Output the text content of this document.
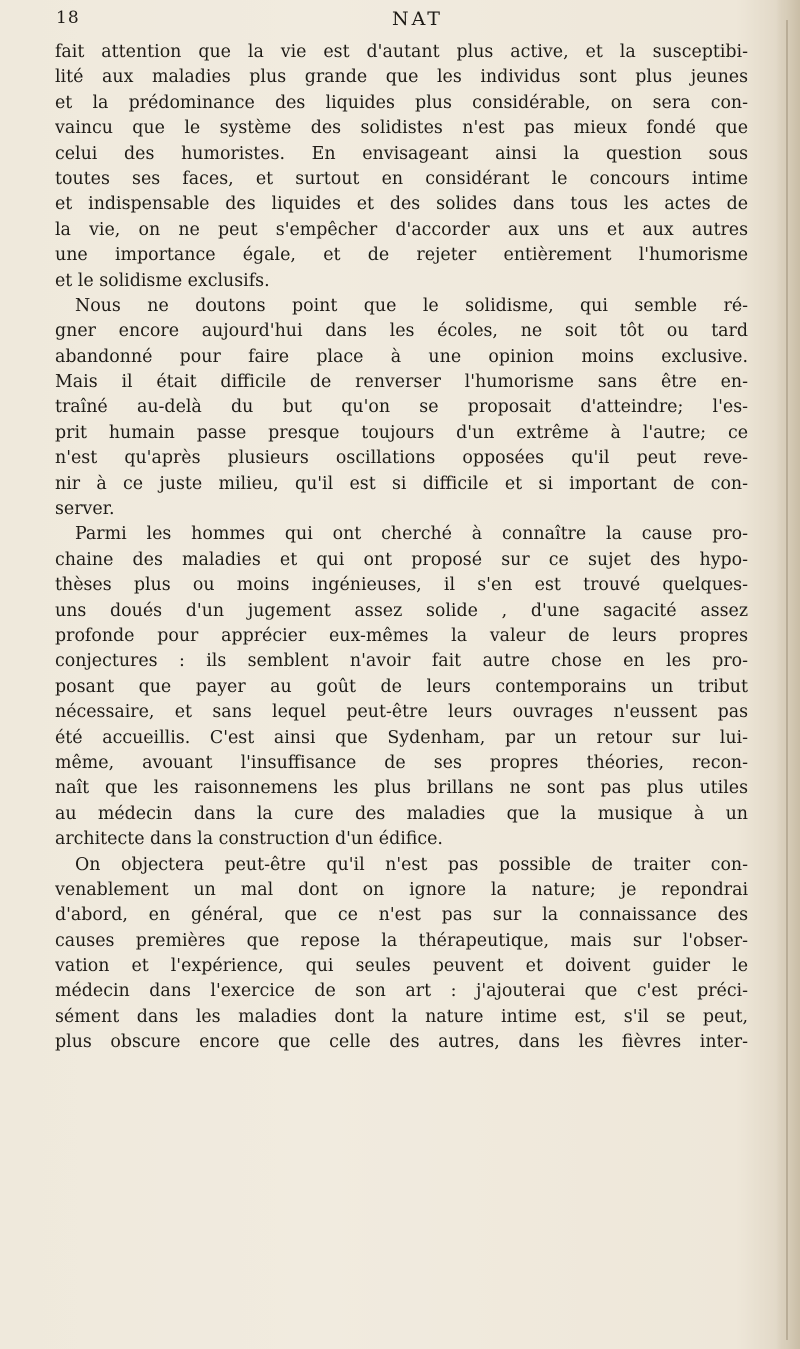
18	NAT
fait attention que la vie est d'autant plus active, et la susceptibi-
lité aux maladies plus grande que les individus sont plus jeunes
et la prédominance des liquides plus considérable, on sera con-
vaincu que le système des solidistes n'est pas mieux fondé que
celui des humoristes. En envisageant ainsi la question sous
toutes ses faces, et surtout en considérant le concours intime
et indispensable des liquides et des solides dans tous les actes de
la vie, on ne peut s'empêcher d'accorder aux uns et aux autres
une importance égale, et de rejeter entièrement l'humorisme
et le solidisme exclusifs.
Nous ne doutons point que le solidisme, qui semble ré-
gner encore aujourd'hui dans les écoles, ne soit tôt ou tard
abandonné pour faire place à une opinion moins exclusive.
Mais il était difficile de renverser l'humorisme sans être en-
traîné au-delà du but qu'on se proposait d'atteindre; l'es-
prit humain passe presque toujours d'un extrême à l'autre; ce
n'est qu'après plusieurs oscillations opposées qu'il peut reve-
nir à ce juste milieu, qu'il est si difficile et si important de con-
server.
Parmi les hommes qui ont cherché à connaître la cause pro-
chaine des maladies et qui ont proposé sur ce sujet des hypo-
thèses plus ou moins ingénieuses, il s'en est trouvé quelques-
uns doués d'un jugement assez solide , d'une sagacité assez
profonde pour apprécier eux-mêmes la valeur de leurs propres
conjectures : ils semblent n'avoir fait autre chose en les pro-
posant que payer au goût de leurs contemporains un tribut
nécessaire, et sans lequel peut-être leurs ouvrages n'eussent pas
été accueillis. C'est ainsi que Sydenham, par un retour sur lui-
même, avouant l'insuffisance de ses propres théories, recon-
naît que les raisonnemens les plus brillans ne sont pas plus utiles
au médecin dans la cure des maladies que la musique à un
architecte dans la construction d'un édifice.
On objectera peut-être qu'il n'est pas possible de traiter con-
venablement un mal dont on ignore la nature; je repondrai
d'abord, en général, que ce n'est pas sur la connaissance des
causes premières que repose la thérapeutique, mais sur l'obser-
vation et l'expérience, qui seules peuvent et doivent guider le
médecin dans l'exercice de son art : j'ajouterai que c'est préci-
sément dans les maladies dont la nature intime est, s'il se peut,
plus obscure encore que celle des autres, dans les fièvres inter-
